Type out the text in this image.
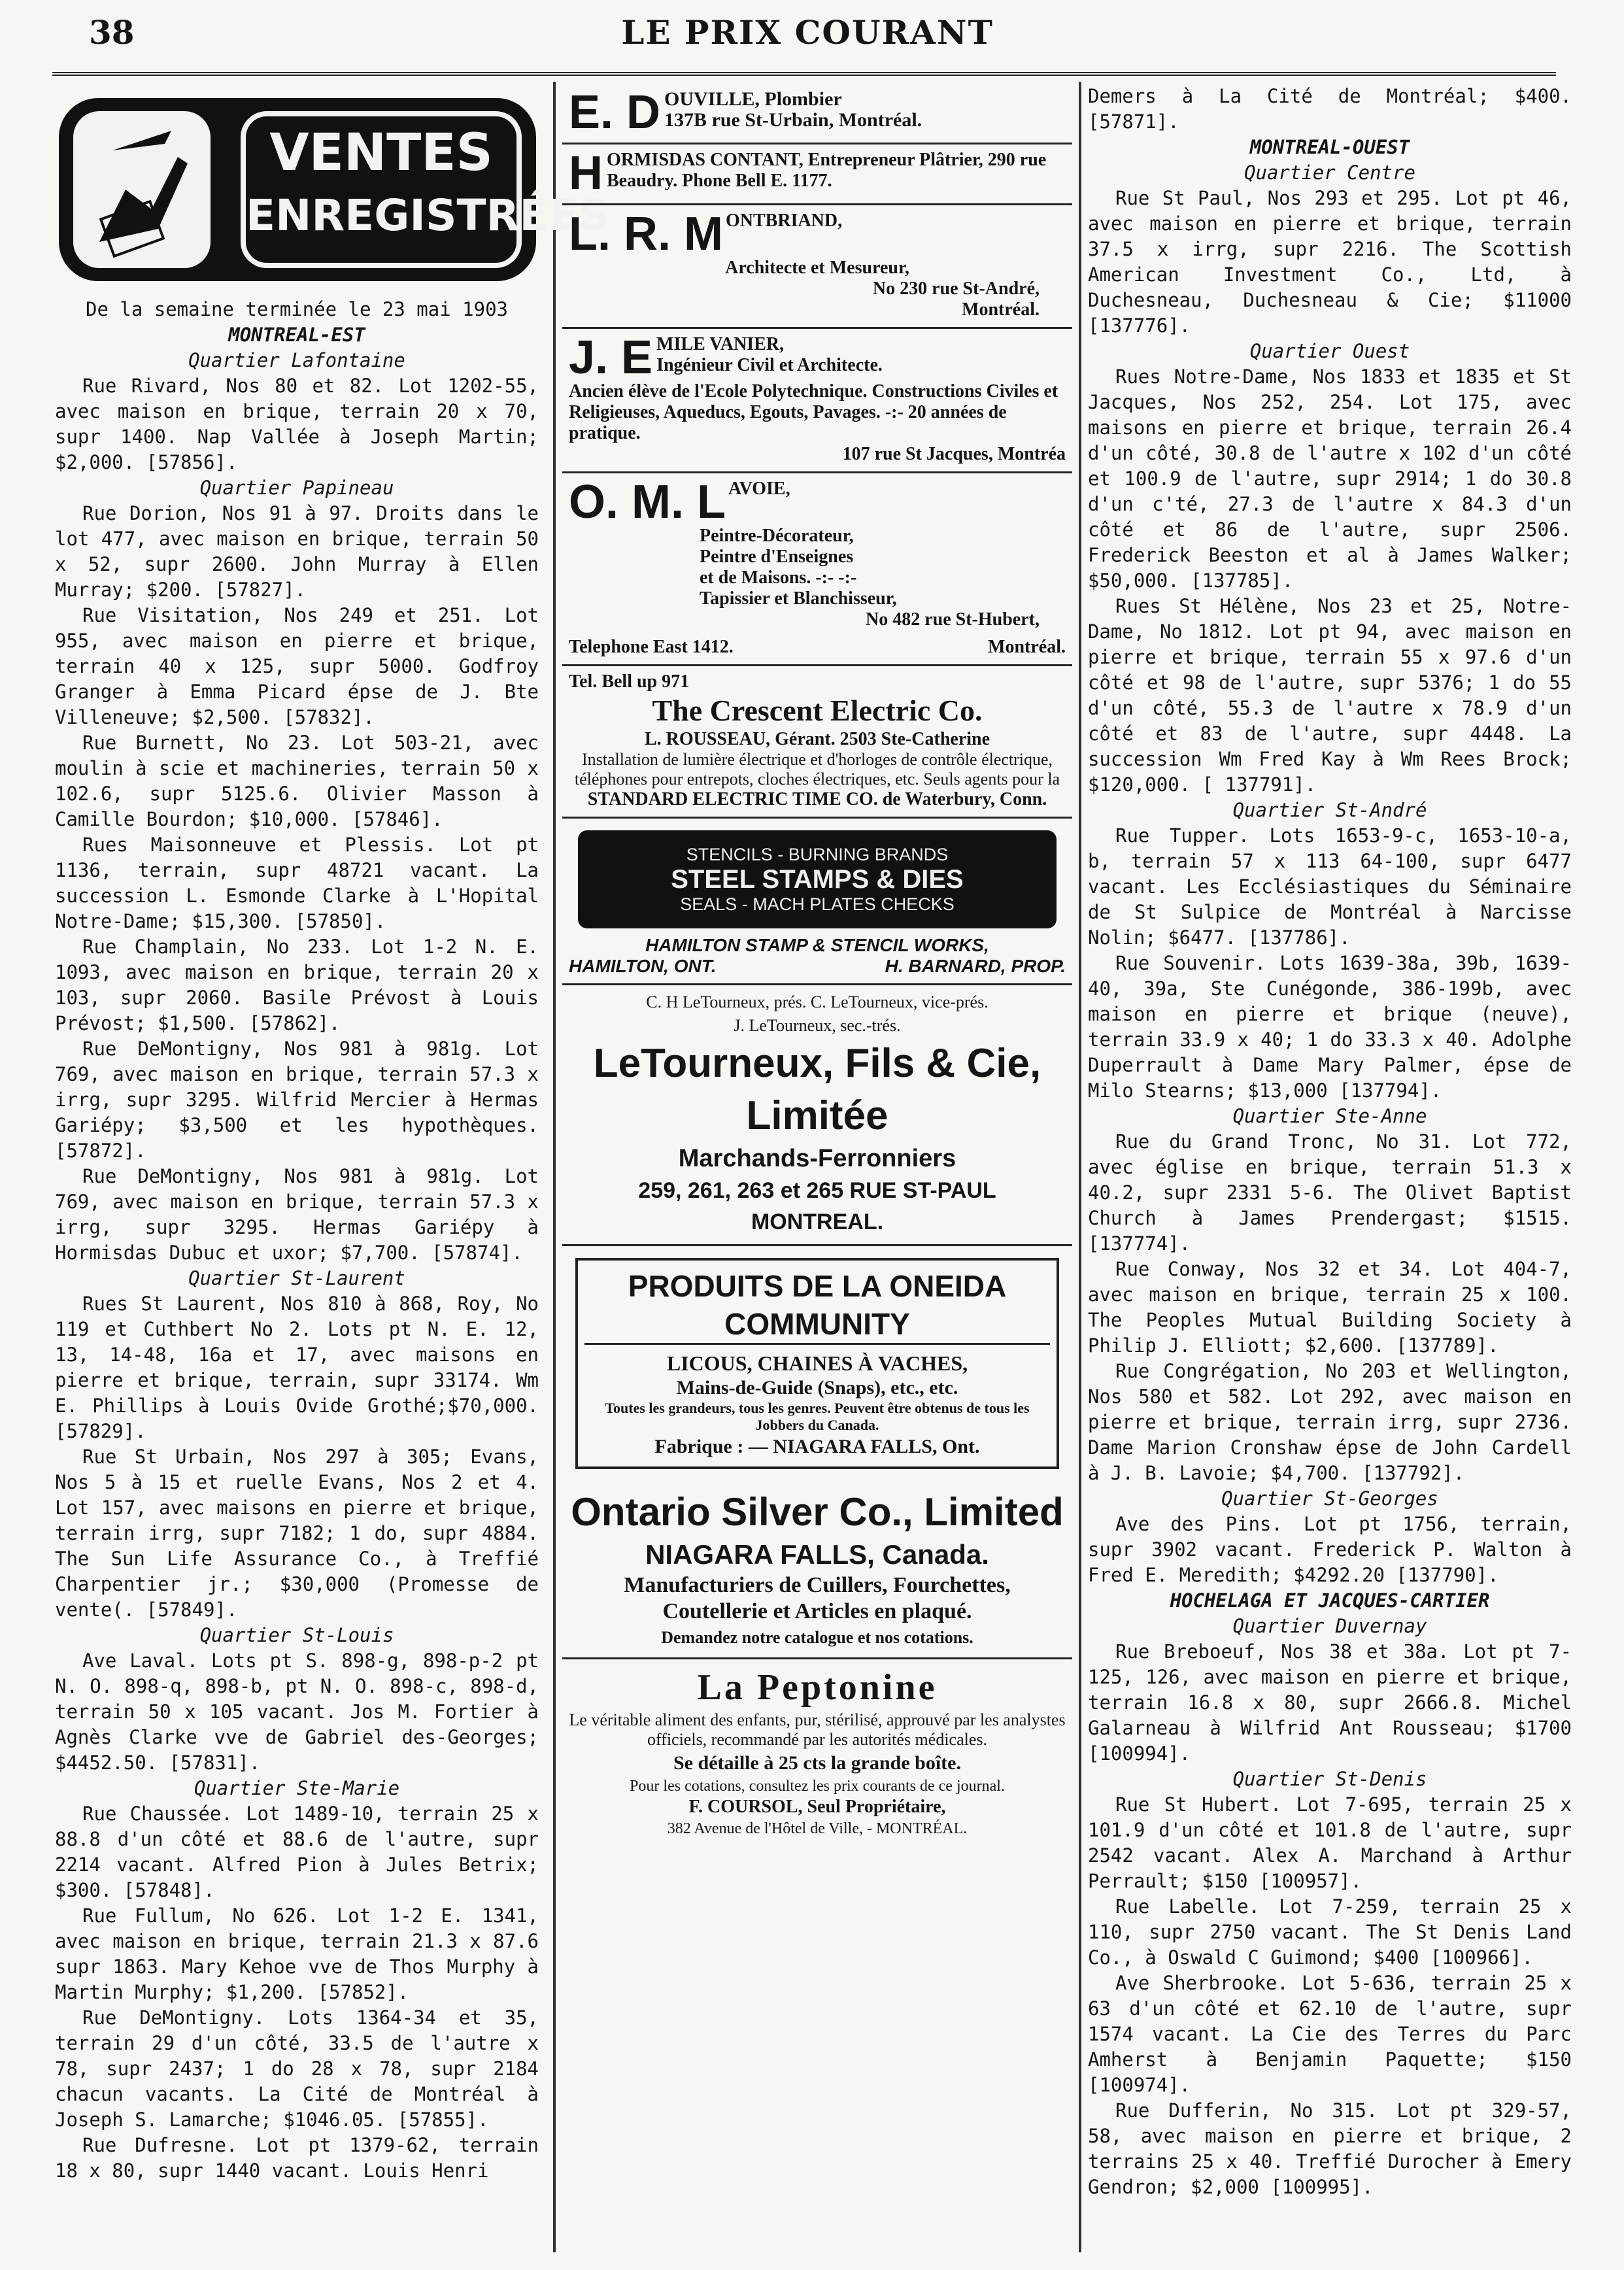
38	LE PRIX COURANT
VENTES
ENREGISTRÉES

De la semaine terminée le 23 mai 1903

MONTREAL-EST

Quartier Lafontaine

Rue Rivard, Nos 80 et 82. Lot 1202-55, avec maison en brique, terrain 20 x 70, supr 1400. Nap Vallée à Joseph Martin; $2,000. [57856].

Quartier Papineau

Rue Dorion, Nos 91 à 97. Droits dans le lot 477, avec maison en brique, terrain 50 x 52, supr 2600. John Murray à Ellen Murray; $200. [57827].

Rue Visitation, Nos 249 et 251. Lot 955, avec maison en pierre et brique, terrain 40 x 125, supr 5000. Godfroy Granger à Emma Picard épse de J. Bte Villeneuve; $2,500. [57832].

Rue Burnett, No 23. Lot 503-21, avec moulin à scie et machineries, terrain 50 x 102.6, supr 5125.6. Olivier Masson à Camille Bourdon; $10,000. [57846].

Rues Maisonneuve et Plessis. Lot pt 1136, terrain, supr 48721 vacant. La succession L. Esmonde Clarke à L'Hopital Notre-Dame; $15,300. [57850].

Rue Champlain, No 233. Lot 1-2 N. E. 1093, avec maison en brique, terrain 20 x 103, supr 2060. Basile Prévost à Louis Prévost; $1,500. [57862].

Rue DeMontigny, Nos 981 à 981g. Lot 769, avec maison en brique, terrain 57.3 x irrg, supr 3295. Wilfrid Mercier à Hermas Gariépy; $3,500 et les hypothèques. [57872].

Rue DeMontigny, Nos 981 à 981g. Lot 769, avec maison en brique, terrain 57.3 x irrg, supr 3295. Hermas Gariépy à Hormisdas Dubuc et uxor; $7,700. [57874].

Quartier St-Laurent

Rues St Laurent, Nos 810 à 868, Roy, No 119 et Cuthbert No 2. Lots pt N. E. 12, 13, 14-48, 16a et 17, avec maisons en pierre et brique, terrain, supr 33174. Wm E. Phillips à Louis Ovide Grothé;$70,000. [57829].

Rue St Urbain, Nos 297 à 305; Evans, Nos 5 à 15 et ruelle Evans, Nos 2 et 4. Lot 157, avec maisons en pierre et brique, terrain irrg, supr 7182; 1 do, supr 4884. The Sun Life Assurance Co., à Treffié Charpentier jr.; $30,000 (Promesse de vente(. [57849].

Quartier St-Louis

Ave Laval. Lots pt S. 898-g, 898-p-2 pt N. O. 898-q, 898-b, pt N. O. 898-c, 898-d, terrain 50 x 105 vacant. Jos M. Fortier à Agnès Clarke vve de Gabriel des-Georges; $4452.50. [57831].

Quartier Ste-Marie

Rue Chaussée. Lot 1489-10, terrain 25 x 88.8 d'un côté et 88.6 de l'autre, supr 2214 vacant. Alfred Pion à Jules Betrix; $300. [57848].

Rue Fullum, No 626. Lot 1-2 E. 1341, avec maison en brique, terrain 21.3 x 87.6 supr 1863. Mary Kehoe vve de Thos Murphy à Martin Murphy; $1,200. [57852].

Rue DeMontigny. Lots 1364-34 et 35, terrain 29 d'un côté, 33.5 de l'autre x 78, supr 2437; 1 do 28 x 78, supr 2184 chacun vacants. La Cité de Montréal à Joseph S. Lamarche; $1046.05. [57855].

Rue Dufresne. Lot pt 1379-62, terrain 18 x 80, supr 1440 vacant. Louis Henri

E. D OUVILLE, Plombier
137B rue St-Urbain, Montréal.
H ORMISDAS CONTANT, Entrepreneur Plâtrier, 290 rue Beaudry. Phone Bell E. 1177.
L. R. M ONTBRIAND,
Architecte et Mesureur,
No 230 rue St-André,
Montréal.
J. E MILE VANIER,
Ingénieur Civil et Architecte.
Ancien élève de l'Ecole Polytechnique. Constructions Civiles et Religieuses, Aqueducs, Egouts, Pavages. -:- 20 années de pratique.
107 rue St Jacques, Montréa
O. M. L AVOIE,
Peintre-Décorateur,
Peintre d'Enseignes
et de Maisons. -:- -:-
Tapissier et Blanchisseur,
No 482 rue St-Hubert,
Telephone East 1412.	Montréal.
Tel. Bell up 971
The Crescent Electric Co.
L. ROUSSEAU, Gérant. 2503 Ste-Catherine
Installation de lumière électrique et d'horloges de contrôle électrique, téléphones pour entrepots, cloches électriques, etc. Seuls agents pour la
STANDARD ELECTRIC TIME CO. de Waterbury, Conn.
STENCILS - BURNING BRANDS
STEEL STAMPS & DIES
SEALS - MACH PLATES CHECKS
HAMILTON STAMP & STENCIL WORKS,
HAMILTON, ONT.	H. BARNARD, PROP.
C. H LeTourneux, prés. C. LeTourneux, vice-prés.
J. LeTourneux, sec.-trés.
LeTourneux, Fils & Cie, Limitée
Marchands-Ferronniers
259, 261, 263 et 265 RUE ST-PAUL
MONTREAL.
PRODUITS DE LA ONEIDA COMMUNITY
LICOUS, CHAINES À VACHES,
Mains-de-Guide (Snaps), etc., etc.
Toutes les grandeurs, tous les genres. Peuvent être obtenus de tous les Jobbers du Canada.
Fabrique : — NIAGARA FALLS, Ont.
Ontario Silver Co., Limited
NIAGARA FALLS, Canada.
Manufacturiers de Cuillers, Fourchettes, Coutellerie et Articles en plaqué.
Demandez notre catalogue et nos cotations.
La Peptonine
Le véritable aliment des enfants, pur, stérilisé, approuvé par les analystes officiels, recommandé par les autorités médicales.
Se détaille à 25 cts la grande boîte.
Pour les cotations, consultez les prix courants de ce journal.
F. COURSOL, Seul Propriétaire,
382 Avenue de l'Hôtel de Ville, - MONTRÉAL.

Demers à La Cité de Montréal; $400. [57871].

MONTREAL-OUEST

Quartier Centre

Rue St Paul, Nos 293 et 295. Lot pt 46, avec maison en pierre et brique, terrain 37.5 x irrg, supr 2216. The Scottish American Investment Co., Ltd, à Duchesneau, Duchesneau & Cie; $11000 [137776].

Quartier Ouest

Rues Notre-Dame, Nos 1833 et 1835 et St Jacques, Nos 252, 254. Lot 175, avec maisons en pierre et brique, terrain 26.4 d'un côté, 30.8 de l'autre x 102 d'un côté et 100.9 de l'autre, supr 2914; 1 do 30.8 d'un c'té, 27.3 de l'autre x 84.3 d'un côté et 86 de l'autre, supr 2506. Frederick Beeston et al à James Walker; $50,000. [137785].

Rues St Hélène, Nos 23 et 25, Notre-Dame, No 1812. Lot pt 94, avec maison en pierre et brique, terrain 55 x 97.6 d'un côté et 98 de l'autre, supr 5376; 1 do 55 d'un côté, 55.3 de l'autre x 78.9 d'un côté et 83 de l'autre, supr 4448. La succession Wm Fred Kay à Wm Rees Brock; $120,000. [ 137791].

Quartier St-André

Rue Tupper. Lots 1653-9-c, 1653-10-a, b, terrain 57 x 113 64-100, supr 6477 vacant. Les Ecclésiastiques du Séminaire de St Sulpice de Montréal à Narcisse Nolin; $6477. [137786].

Rue Souvenir. Lots 1639-38a, 39b, 1639-40, 39a, Ste Cunégonde, 386-199b, avec maison en pierre et brique (neuve), terrain 33.9 x 40; 1 do 33.3 x 40. Adolphe Duperrault à Dame Mary Palmer, épse de Milo Stearns; $13,000 [137794].

Quartier Ste-Anne

Rue du Grand Tronc, No 31. Lot 772, avec église en brique, terrain 51.3 x 40.2, supr 2331 5-6. The Olivet Baptist Church à James Prendergast; $1515. [137774].

Rue Conway, Nos 32 et 34. Lot 404-7, avec maison en brique, terrain 25 x 100. The Peoples Mutual Building Society à Philip J. Elliott; $2,600. [137789].

Rue Congrégation, No 203 et Wellington, Nos 580 et 582. Lot 292, avec maison en pierre et brique, terrain irrg, supr 2736. Dame Marion Cronshaw épse de John Cardell à J. B. Lavoie; $4,700. [137792].

Quartier St-Georges

Ave des Pins. Lot pt 1756, terrain, supr 3902 vacant. Frederick P. Walton à Fred E. Meredith; $4292.20 [137790].

HOCHELAGA ET JACQUES-CARTIER

Quartier Duvernay

Rue Breboeuf, Nos 38 et 38a. Lot pt 7-125, 126, avec maison en pierre et brique, terrain 16.8 x 80, supr 2666.8. Michel Galarneau à Wilfrid Ant Rousseau; $1700 [100994].

Quartier St-Denis

Rue St Hubert. Lot 7-695, terrain 25 x 101.9 d'un côté et 101.8 de l'autre, supr 2542 vacant. Alex A. Marchand à Arthur Perrault; $150 [100957].

Rue Labelle. Lot 7-259, terrain 25 x 110, supr 2750 vacant. The St Denis Land Co., à Oswald C Guimond; $400 [100966].

Ave Sherbrooke. Lot 5-636, terrain 25 x 63 d'un côté et 62.10 de l'autre, supr 1574 vacant. La Cie des Terres du Parc Amherst à Benjamin Paquette; $150 [100974].

Rue Dufferin, No 315. Lot pt 329-57, 58, avec maison en pierre et brique, 2 terrains 25 x 40. Treffié Durocher à Emery Gendron; $2,000 [100995].
